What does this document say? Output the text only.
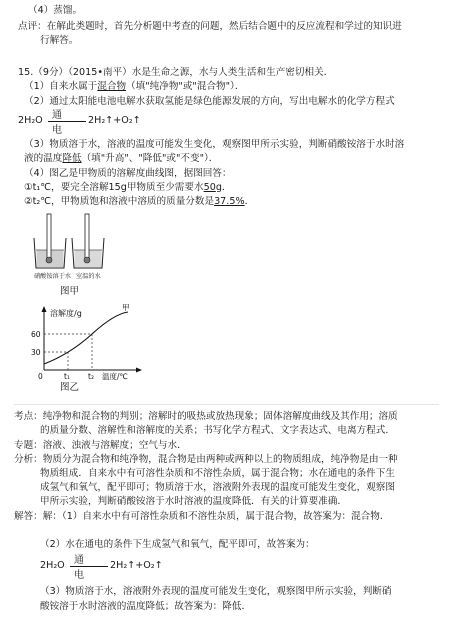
（4）蒸馏。
点评：在解此类题时，首先分析题中考查的问题，然后结合题中的反应流程和学过的知识进
行解答。
15.（9分）（2015•南平）水是生命之源，水与人类生活和生产密切相关．
（1）自来水属于混合物（填"纯净物"或"混合物"）．
（2）通过太阳能电池电解水获取氢能是绿色能源发展的方向，写出电解水的化学方程式
2H₂O 通电
2H₂↑+O₂↑
（3）物质溶于水，溶液的温度可能发生变化，观察图甲所示实验，判断硝酸铵溶于水时溶
液的温度降低（填"升高"、"降低"或"不变"）．
（4）图乙是甲物质的溶解度曲线图，据图回答：
①t₁℃，要完全溶解15g甲物质至少需要水50g．
②t₂℃，甲物质饱和溶液中溶质的质量分数是37.5%．
硝酸铵溶于水 室温的水
图甲
溶解度/g
甲
60
30
0	t₁ t₂ 温度/℃
图乙
考点：纯净物和混合物的判别；溶解时的吸热或放热现象；固体溶解度曲线及其作用；溶质
的质量分数、溶解性和溶解度的关系；书写化学方程式、文字表达式、电离方程式．
专题：溶液、浊液与溶解度；空气与水．
分析：物质分为混合物和纯净物，混合物是由两种或两种以上的物质组成，纯净物是由一种
物质组成．自来水中有可溶性杂质和不溶性杂质，属于混合物；水在通电的条件下生
成氢气和氧气，配平即可；物质溶于水，溶液附外表现的温度可能发生变化，观察图
甲所示实验，判断硝酸铵溶于水时溶液的温度降低．有关的计算要准确．
解答：解：（1）自来水中有可溶性杂质和不溶性杂质，属于混合物，故答案为：混合物．
（2）水在通电的条件下生成氢气和氧气，配平即可，故答案为：
2H₂O 通电
2H₂↑+O₂↑
（3）物质溶于水，溶液附外表现的温度可能发生变化，观察图甲所示实验，判断硝
酸铵溶于水时溶液的温度降低；故答案为：降低．
